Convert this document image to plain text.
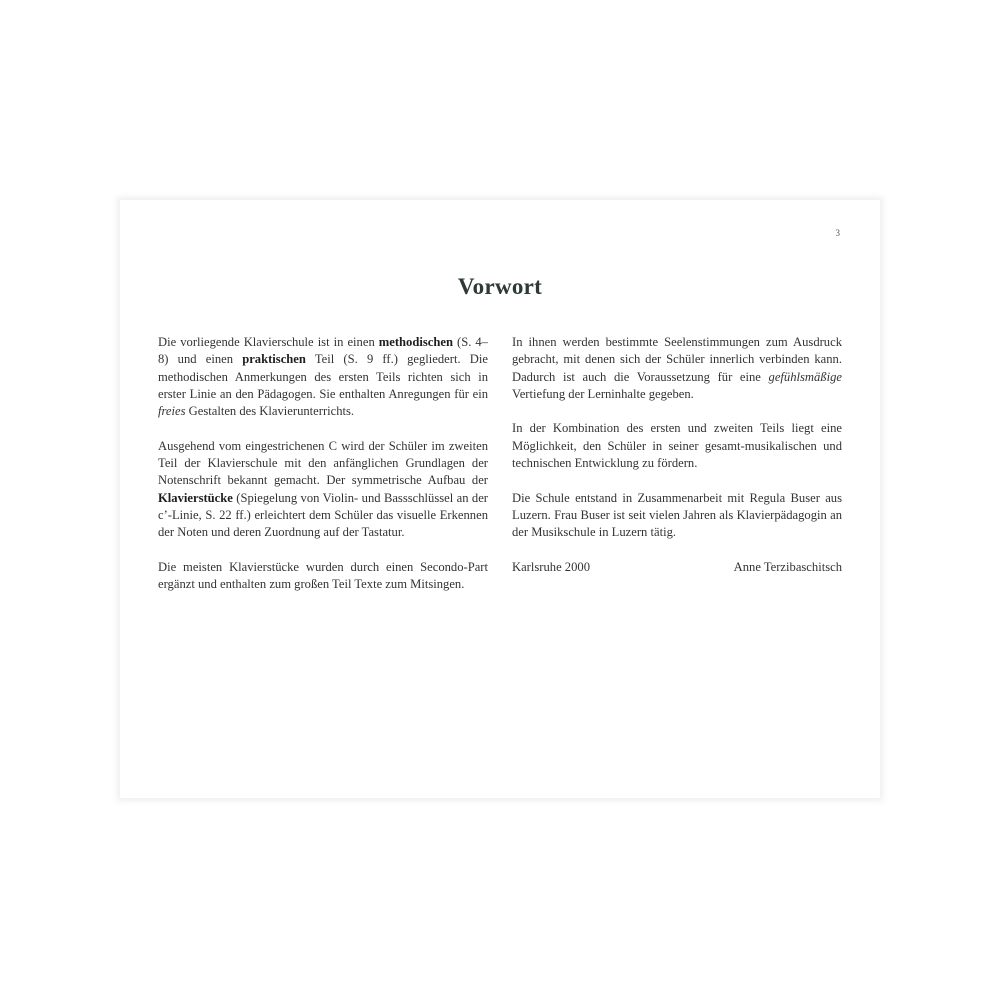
3
Vorwort

Die vorliegende Klavierschule ist in einen methodischen (S. 4–8) und einen praktischen Teil (S. 9 ff.) gegliedert. Die methodischen Anmerkungen des ersten Teils richten sich in erster Linie an den Pädagogen. Sie enthalten Anregungen für ein freies Gestalten des Klavierunterrichts.

Ausgehend vom eingestrichenen C wird der Schüler im zweiten Teil der Klavierschule mit den anfänglichen Grundlagen der Notenschrift bekannt gemacht. Der symmetrische Aufbau der Klavierstücke (Spiegelung von Violin- und Bassschlüssel an der c’-Linie, S. 22 ff.) erleichtert dem Schüler das visuelle Erkennen der Noten und deren Zuordnung auf der Tastatur.

Die meisten Klavierstücke wurden durch einen Secondo-Part ergänzt und enthalten zum großen Teil Texte zum Mitsingen.

In ihnen werden bestimmte Seelenstimmungen zum Ausdruck gebracht, mit denen sich der Schüler innerlich verbinden kann. Dadurch ist auch die Voraussetzung für eine gefühlsmäßige Vertiefung der Lerninhalte gegeben.

In der Kombination des ersten und zweiten Teils liegt eine Möglichkeit, den Schüler in seiner gesamt-musikalischen und technischen Entwicklung zu fördern.

Die Schule entstand in Zusammenarbeit mit Regula Buser aus Luzern. Frau Buser ist seit vielen Jahren als Klavierpädagogin an der Musikschule in Luzern tätig.

Karlsruhe 2000	Anne Terzibaschitsch
